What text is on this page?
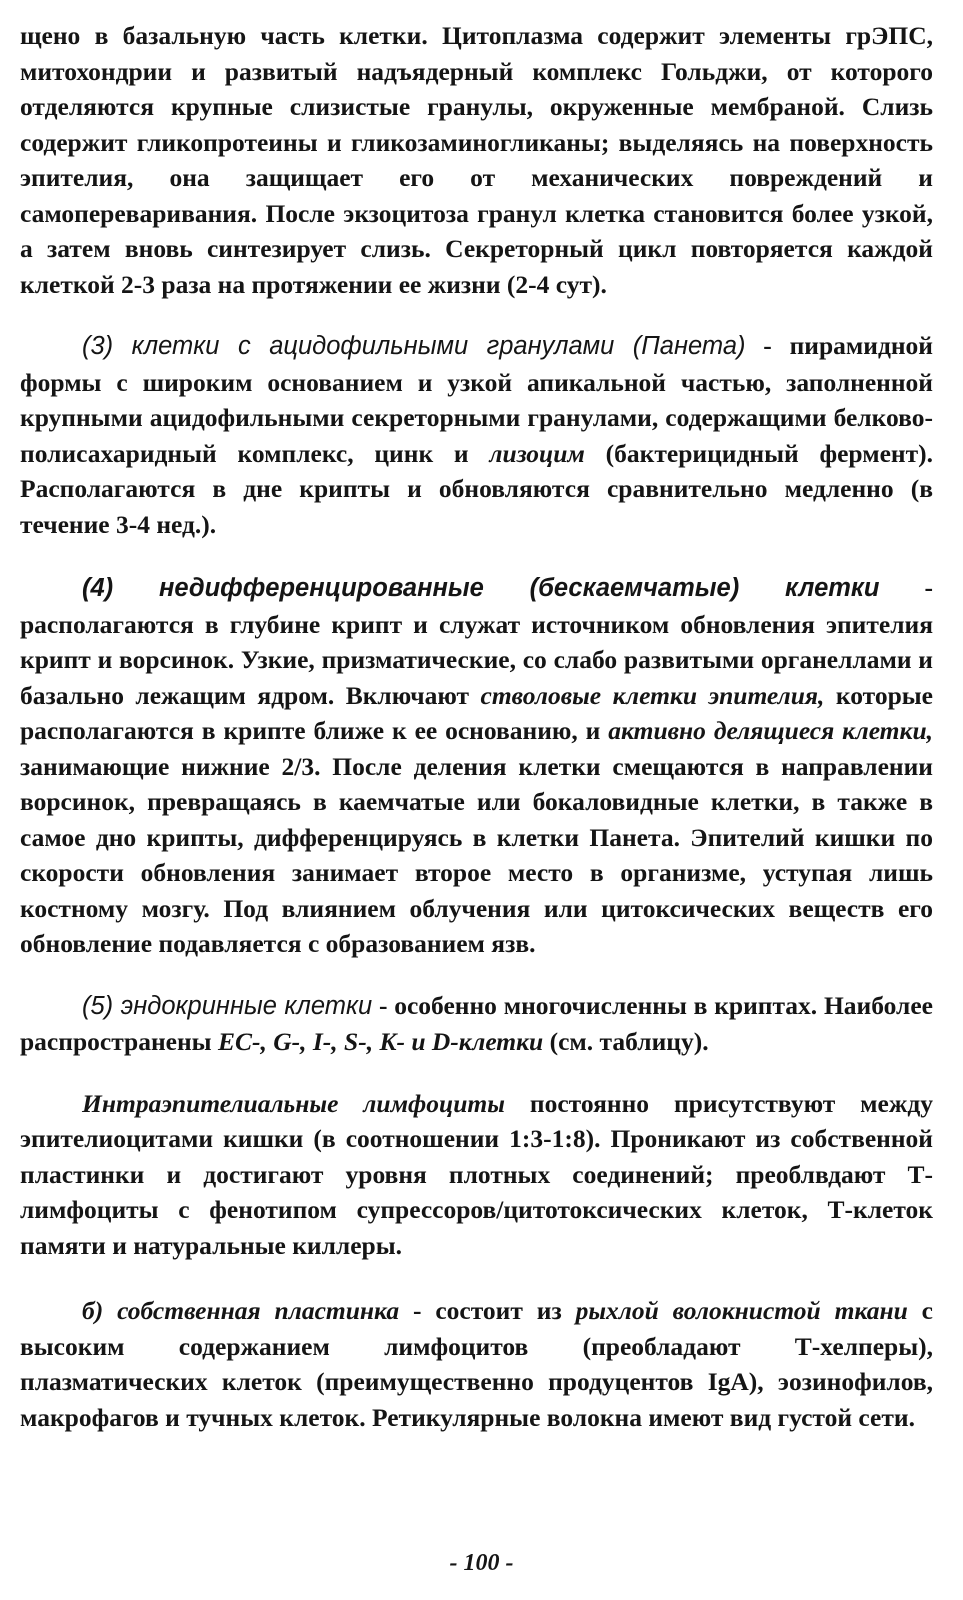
щено в базальную часть клетки. Цитоплазма содержит элементы грЭПС, митохондрии и развитый надъядерный комплекс Гольджи, от которого отделяются крупные слизистые гранулы, окруженные мембраной. Слизь содержит гликопротеины и гликозаминогликаны; выделяясь на поверхность эпителия, она защищает его от механических повреждений и самопереваривания. После экзоцитоза гранул клетка становится более узкой, а затем вновь синтезирует слизь. Секреторный цикл повторяется каждой клеткой 2-3 раза на протяжении ее жизни (2-4 сут).

(3) клетки с ацидофильными гранулами (Панета) - пирамидной формы с широким основанием и узкой апикальной частью, заполненной крупными ацидофильными секреторными гранулами, содержащими белково-полисахаридный комплекс, цинк и лизоцим (бактерицидный фермент). Располагаются в дне крипты и обновляются сравнительно медленно (в течение 3-4 нед.).

(4) недифференцированные (бескаемчатые) клетки - располагаются в глубине крипт и служат источником обновления эпителия крипт и ворсинок. Узкие, призматические, со слабо развитыми органеллами и базально лежащим ядром. Включают стволовые клетки эпителия, которые располагаются в крипте ближе к ее основанию, и активно делящиеся клетки, занимающие нижние 2/3. После деления клетки смещаются в направлении ворсинок, превращаясь в каемчатые или бокаловидные клетки, в также в самое дно крипты, дифференцируясь в клетки Панета. Эпителий кишки по скорости обновления занимает второе место в организме, уступая лишь костному мозгу. Под влиянием облучения или цитоксических веществ его обновление подавляется с образованием язв.

(5) эндокринные клетки - особенно многочисленны в криптах. Наиболее распространены ЕС-, G-, I-, S-, K- и D-клетки (см. таблицу).

Интраэпителиальные лимфоциты постоянно присутствуют между эпителиоцитами кишки (в соотношении 1:3-1:8). Проникают из собственной пластинки и достигают уровня плотных соединений; преоблвдают Т-лимфоциты с фенотипом супрессоров/цитотоксических клеток, Т-клеток памяти и натуральные киллеры.

б) собственная пластинка - состоит из рыхлой волокнистой ткани с высоким содержанием лимфоцитов (преобладают Т-хелперы), плазматических клеток (преимущественно продуцентов IgA), эозинофилов, макрофагов и тучных клеток. Ретикулярные волокна имеют вид густой сети.

- 100 -
